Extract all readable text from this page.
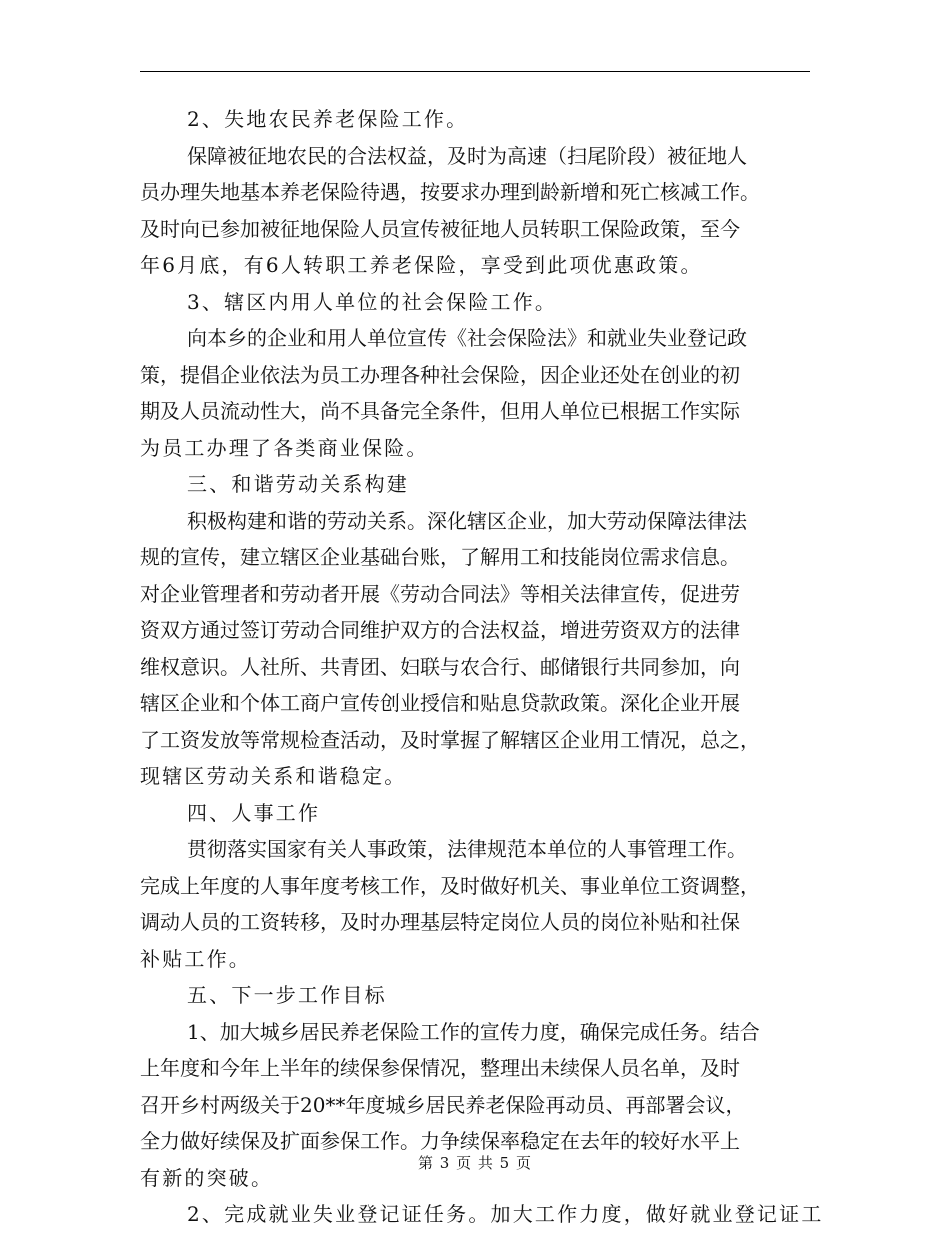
2、失地农民养老保险工作。
保障被征地农民的合法权益，及时为高速（扫尾阶段）被征地人
员办理失地基本养老保险待遇，按要求办理到龄新增和死亡核减工作。
及时向已参加被征地保险人员宣传被征地人员转职工保险政策，至今
年6月底，有6人转职工养老保险，享受到此项优惠政策。
3、辖区内用人单位的社会保险工作。
向本乡的企业和用人单位宣传《社会保险法》和就业失业登记政
策，提倡企业依法为员工办理各种社会保险，因企业还处在创业的初
期及人员流动性大，尚不具备完全条件，但用人单位已根据工作实际
为员工办理了各类商业保险。
三、和谐劳动关系构建
积极构建和谐的劳动关系。深化辖区企业，加大劳动保障法律法
规的宣传，建立辖区企业基础台账，了解用工和技能岗位需求信息。
对企业管理者和劳动者开展《劳动合同法》等相关法律宣传，促进劳
资双方通过签订劳动合同维护双方的合法权益，增进劳资双方的法律
维权意识。人社所、共青团、妇联与农合行、邮储银行共同参加，向
辖区企业和个体工商户宣传创业授信和贴息贷款政策。深化企业开展
了工资发放等常规检查活动，及时掌握了解辖区企业用工情况，总之，
现辖区劳动关系和谐稳定。
四、人事工作
贯彻落实国家有关人事政策，法律规范本单位的人事管理工作。
完成上年度的人事年度考核工作，及时做好机关、事业单位工资调整，
调动人员的工资转移，及时办理基层特定岗位人员的岗位补贴和社保
补贴工作。
五、下一步工作目标
1、加大城乡居民养老保险工作的宣传力度，确保完成任务。结合
上年度和今年上半年的续保参保情况，整理出未续保人员名单，及时
召开乡村两级关于20**年度城乡居民养老保险再动员、再部署会议，
全力做好续保及扩面参保工作。力争续保率稳定在去年的较好水平上
有新的突破。
2、完成就业失业登记证任务。加大工作力度，做好就业登记证工
第 3 页 共 5 页
